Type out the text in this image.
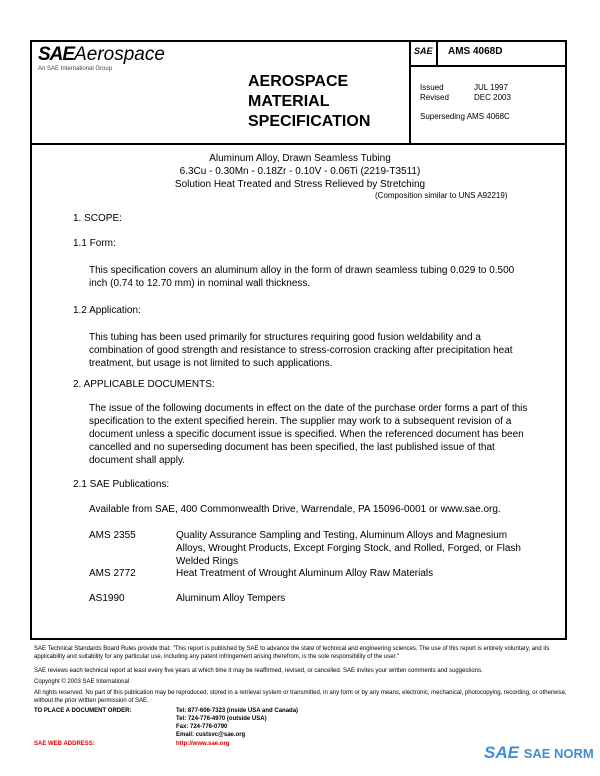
SAEAerospace
An SAE International Group
AEROSPACE
MATERIAL
SPECIFICATION
SAE AMS 4068D
Issued	JUL 1997
Revised	DEC 2003
Superseding AMS 4068C
Aluminum Alloy, Drawn Seamless Tubing
6.3Cu - 0.30Mn - 0.18Zr - 0.10V - 0.06Ti (2219-T3511)
Solution Heat Treated and Stress Relieved by Stretching
(Composition similar to UNS A92219)
1. SCOPE:
1.1 Form:
This specification covers an aluminum alloy in the form of drawn seamless tubing 0.029 to 0.500 inch (0.74 to 12.70 mm) in nominal wall thickness.
1.2 Application:
This tubing has been used primarily for structures requiring good fusion weldability and a combination of good strength and resistance to stress-corrosion cracking after precipitation heat treatment, but usage is not limited to such applications.
2. APPLICABLE DOCUMENTS:
The issue of the following documents in effect on the date of the purchase order forms a part of this specification to the extent specified herein. The supplier may work to a subsequent revision of a document unless a specific document issue is specified. When the referenced document has been cancelled and no superseding document has been specified, the last published issue of that document shall apply.
2.1 SAE Publications:
Available from SAE, 400 Commonwealth Drive, Warrendale, PA 15096-0001 or www.sae.org.
AMS 2355	Quality Assurance Sampling and Testing, Aluminum Alloys and Magnesium Alloys, Wrought Products, Except Forging Stock, and Rolled, Forged, or Flash Welded Rings
AMS 2772	Heat Treatment of Wrought Aluminum Alloy Raw Materials
AS1990	Aluminum Alloy Tempers
SAE Technical Standards Board Rules provide that: "This report is published by SAE to advance the state of technical and engineering sciences. The use of this report is entirely voluntary, and its applicability and suitability for any particular use, including any patent infringement arising therefrom, is the sole responsibility of the user."
SAE reviews each technical report at least every five years at which time it may be reaffirmed, revised, or cancelled. SAE invites your written comments and suggestions.
Copyright © 2003 SAE International
All rights reserved. No part of this publication may be reproduced, stored in a retrieval system or transmitted, in any form or by any means, electronic, mechanical, photocopying, recording, or otherwise, without the prior written permission of SAE.
TO PLACE A DOCUMENT ORDER:	Tel: 877-606-7323 (inside USA and Canada)
Tel: 724-776-4970 (outside USA)
Fax: 724-776-0790
Email: custsvc@sae.org
SAE WEB ADDRESS:	http://www.sae.org	SAE SAE NORM
